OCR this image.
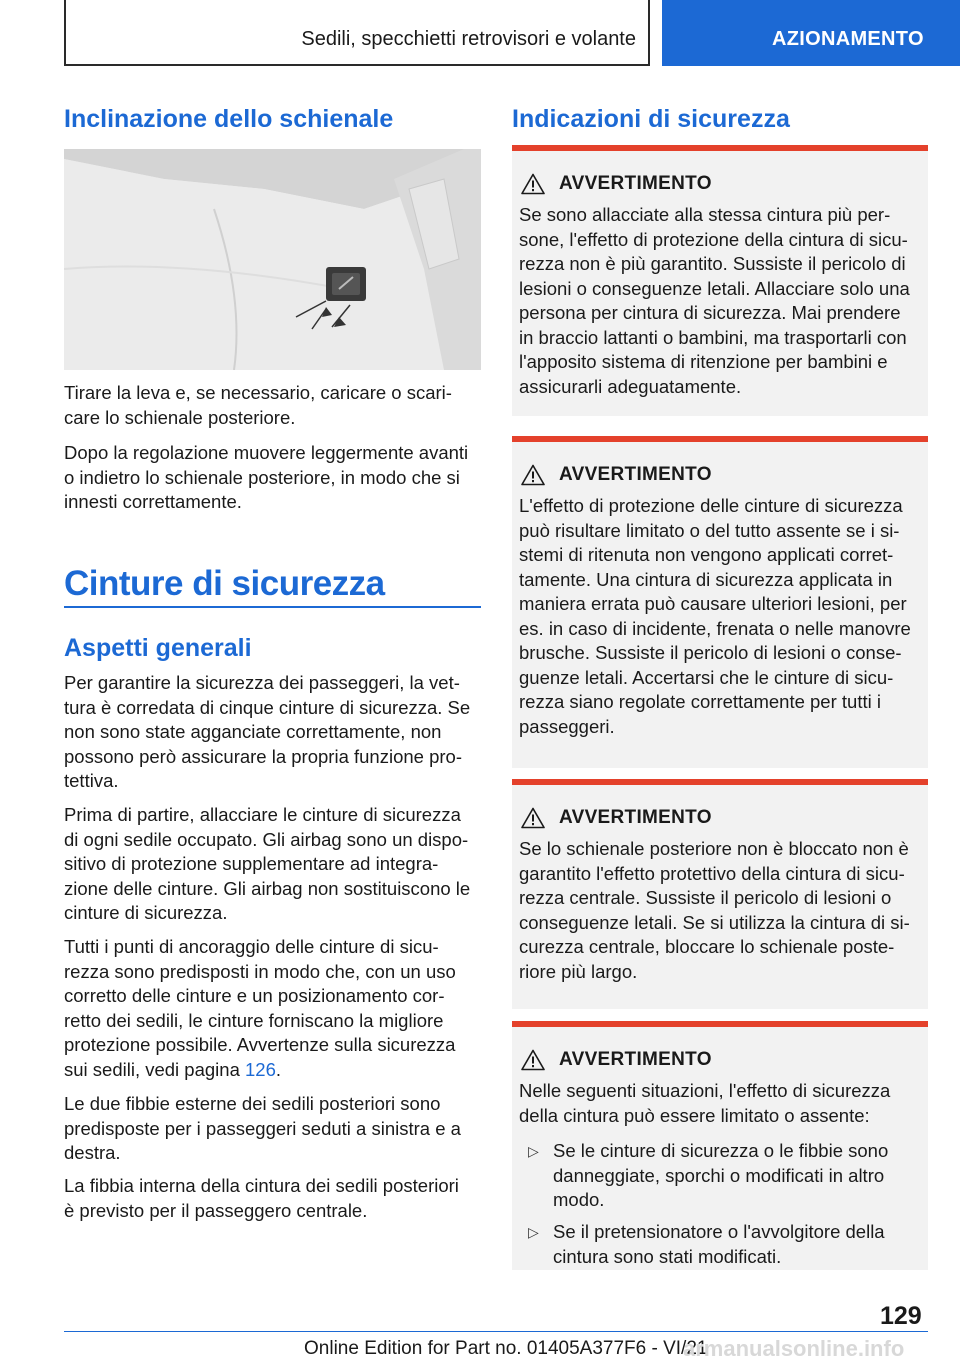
Sedili, specchietti retrovisori e volante	AZIONAMENTO
Inclinazione dello schienale

Tirare la leva e, se necessario, caricare o scari-
care lo schienale posteriore.

Dopo la regolazione muovere leggermente avanti
o indietro lo schienale posteriore, in modo che si
innesti correttamente.

Cinture di sicurezza
Aspetti generali

Per garantire la sicurezza dei passeggeri, la vet-
tura è corredata di cinque cinture di sicurezza. Se
non sono state agganciate correttamente, non
possono però assicurare la propria funzione pro-
tettiva.

Prima di partire, allacciare le cinture di sicurezza
di ogni sedile occupato. Gli airbag sono un dispo-
sitivo di protezione supplementare ad integra-
zione delle cinture. Gli airbag non sostituiscono le
cinture di sicurezza.

Tutti i punti di ancoraggio delle cinture di sicu-
rezza sono predisposti in modo che, con un uso
corretto delle cinture e un posizionamento cor-
retto dei sedili, le cinture forniscano la migliore
protezione possibile. Avvertenze sulla sicurezza
sui sedili, vedi pagina 126.

Le due fibbie esterne dei sedili posteriori sono
predisposte per i passeggeri seduti a sinistra e a
destra.

La fibbia interna della cintura dei sedili posteriori
è previsto per il passeggero centrale.

Indicazioni di sicurezza
AVVERTIMENTO

Se sono allacciate alla stessa cintura più per-
sone, l'effetto di protezione della cintura di sicu-
rezza non è più garantito. Sussiste il pericolo di
lesioni o conseguenze letali. Allacciare solo una
persona per cintura di sicurezza. Mai prendere
in braccio lattanti o bambini, ma trasportarli con
l'apposito sistema di ritenzione per bambini e
assicurarli adeguatamente.

AVVERTIMENTO

L'effetto di protezione delle cinture di sicurezza
può risultare limitato o del tutto assente se i si-
stemi di ritenuta non vengono applicati corret-
tamente. Una cintura di sicurezza applicata in
maniera errata può causare ulteriori lesioni, per
es. in caso di incidente, frenata o nelle manovre
brusche. Sussiste il pericolo di lesioni o conse-
guenze letali. Accertarsi che le cinture di sicu-
rezza siano regolate correttamente per tutti i
passeggeri.

AVVERTIMENTO

Se lo schienale posteriore non è bloccato non è
garantito l'effetto protettivo della cintura di sicu-
rezza centrale. Sussiste il pericolo di lesioni o
conseguenze letali. Se si utilizza la cintura di si-
curezza centrale, bloccare lo schienale poste-
riore più largo.

AVVERTIMENTO

Nelle seguenti situazioni, l'effetto di sicurezza
della cintura può essere limitato o assente:

▷ Se le cinture di sicurezza o le fibbie sono
danneggiate, sporchi o modificati in altro
modo.
▷ Se il pretensionatore o l'avvolgitore della
cintura sono stati modificati.
129
Online Edition for Part no. 01405A377F6 - VI/21
armanualsonline.info
